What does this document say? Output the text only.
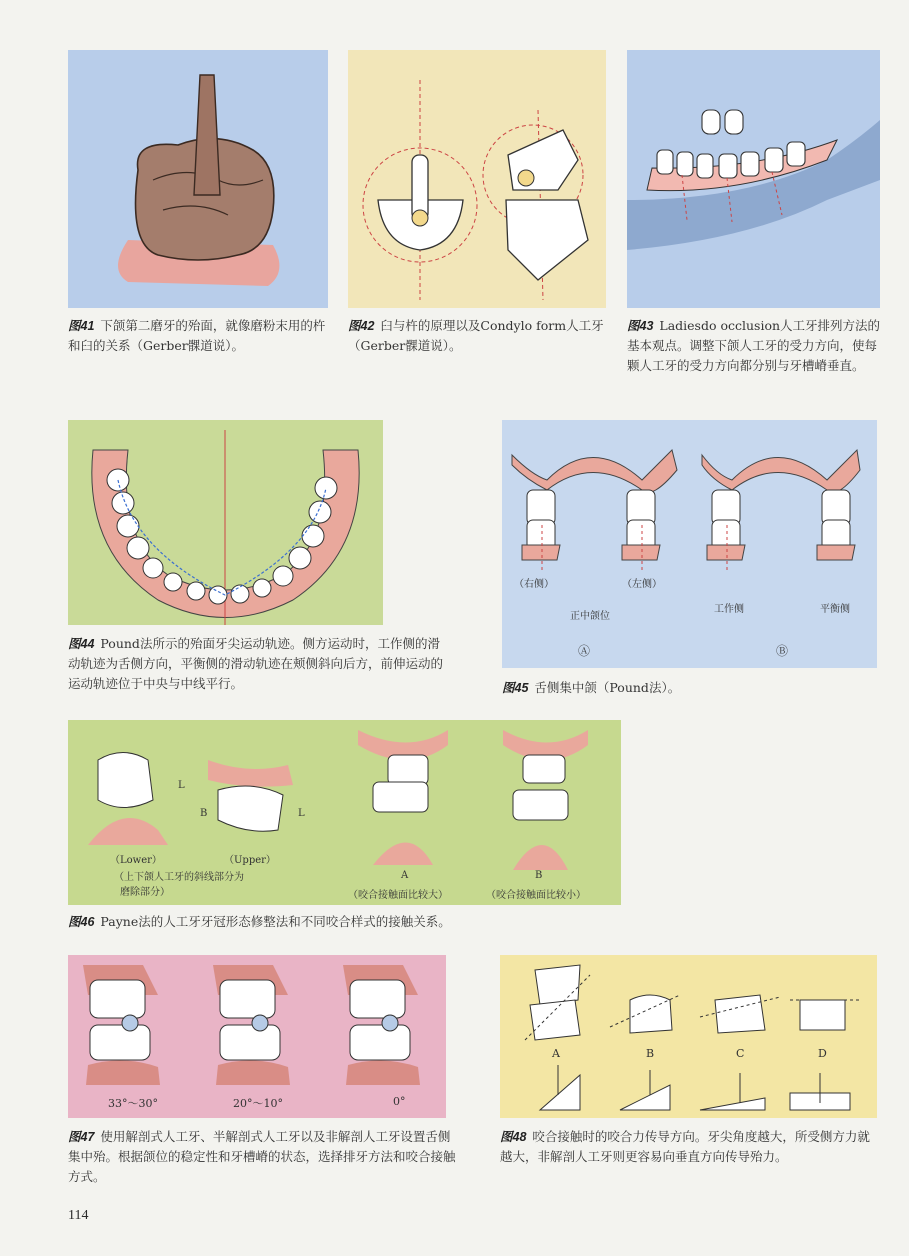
图41 下颌第二磨牙的殆面，就像磨粉末用的杵和臼的关系（Gerber髁道说）。
图42 臼与杵的原理以及Condylo form人工牙（Gerber髁道说）。
图43 Ladiesdo occlusion人工牙排列方法的基本观点。调整下颌人工牙的受力方向，使每颗人工牙的受力方向都分别与牙槽嵴垂直。
图44 Pound法所示的殆面牙尖运动轨迹。侧方运动时，工作侧的滑动轨迹为舌侧方向，平衡侧的滑动轨迹在颊侧斜向后方，前伸运动的运动轨迹位于中央与中线平行。
（右侧）	（左侧）
正中颌位
工作侧	平衡侧
Ⓐ	Ⓑ
图45 舌侧集中颌（Pound法）。
L
B	L
（Lower）	（Upper）
（上下颌人工牙的斜线部分为
磨除部分）
A	B
（咬合接触面比较大）	（咬合接触面比较小）
图46 Payne法的人工牙牙冠形态修整法和不同咬合样式的接触关系。
33°～30°	20°～10°	0°
图47 使用解剖式人工牙、半解剖式人工牙以及非解剖人工牙设置舌侧集中殆。根据颌位的稳定性和牙槽嵴的状态，选择排牙方法和咬合接触方式。
A	B	C	D
图48 咬合接触时的咬合力传导方向。牙尖角度越大，所受侧方力就越大，非解剖人工牙则更容易向垂直方向传导殆力。
114
